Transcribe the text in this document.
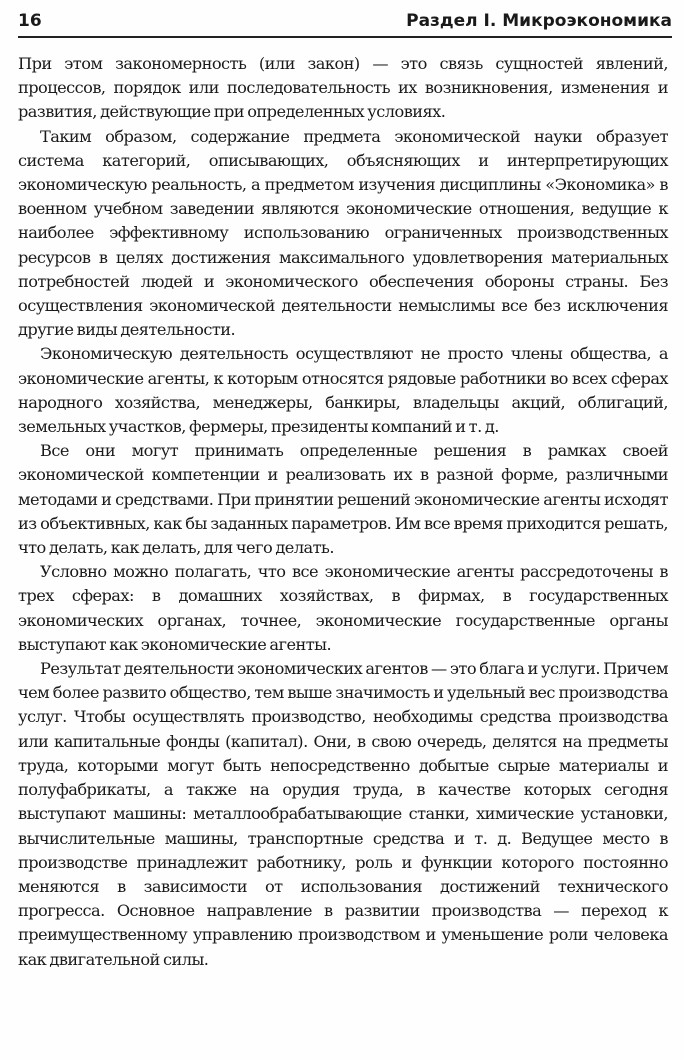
16	Раздел I. Микроэкономика

При этом закономерность (или закон) — это связь сущностей явлений, процессов, порядок или последовательность их возникновения, изменения и развития, действующие при определенных условиях.

Таким образом, содержание предмета экономической науки образует система категорий, описывающих, объясняющих и интерпретирующих экономическую реальность, а предметом изучения дисциплины «Экономика» в военном учебном заведении являются экономические отношения, ведущие к наиболее эффективному использованию ограниченных производственных ресурсов в целях достижения максимального удовлетворения материальных потребностей людей и экономического обеспечения обороны страны. Без осуществления экономической деятельности немыслимы все без исключения другие виды деятельности.

Экономическую деятельность осуществляют не просто члены общества, а экономические агенты, к которым относятся рядовые работники во всех сферах народного хозяйства, менеджеры, банкиры, владельцы акций, облигаций, земельных участков, фермеры, президенты компаний и т. д.

Все они могут принимать определенные решения в рамках своей экономической компетенции и реализовать их в разной форме, различными методами и средствами. При принятии решений экономические агенты исходят из объективных, как бы заданных параметров. Им все время приходится решать, что делать, как делать, для чего делать.

Условно можно полагать, что все экономические агенты рассредоточены в трех сферах: в домашних хозяйствах, в фирмах, в государственных экономических органах, точнее, экономические государственные органы выступают как экономические агенты.

Результат деятельности экономических агентов — это блага и услуги. Причем чем более развито общество, тем выше значимость и удельный вес производства услуг. Чтобы осуществлять производство, необходимы средства производства или капитальные фонды (капитал). Они, в свою очередь, делятся на предметы труда, которыми могут быть непосредственно добытые сырые материалы и полуфабрикаты, а также на орудия труда, в качестве которых сегодня выступают машины: металлообрабатывающие станки, химические установки, вычислительные машины, транспортные средства и т. д. Ведущее место в производстве принадлежит работнику, роль и функции которого постоянно меняются в зависимости от использования достижений технического прогресса. Основное направление в развитии производства — переход к преимущественному управлению производством и уменьшение роли человека как двигательной силы.
